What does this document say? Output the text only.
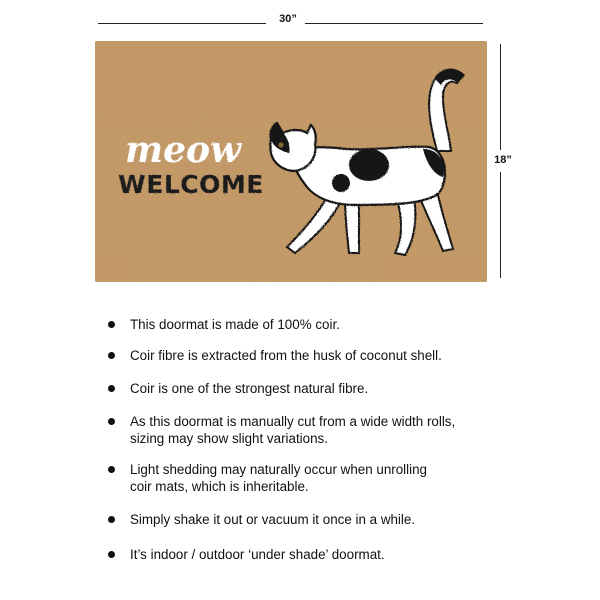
30”
18”
meow
WELCOME
This doormat is made of 100% coir.
Coir fibre is extracted from the husk of coconut shell.
Coir is one of the strongest natural fibre.
As this doormat is manually cut from a wide width rolls,
sizing may show slight variations.
Light shedding may naturally occur when unrolling
coir mats, which is inheritable.
Simply shake it out or vacuum it once in a while.
It’s indoor / outdoor ‘under shade’ doormat.
